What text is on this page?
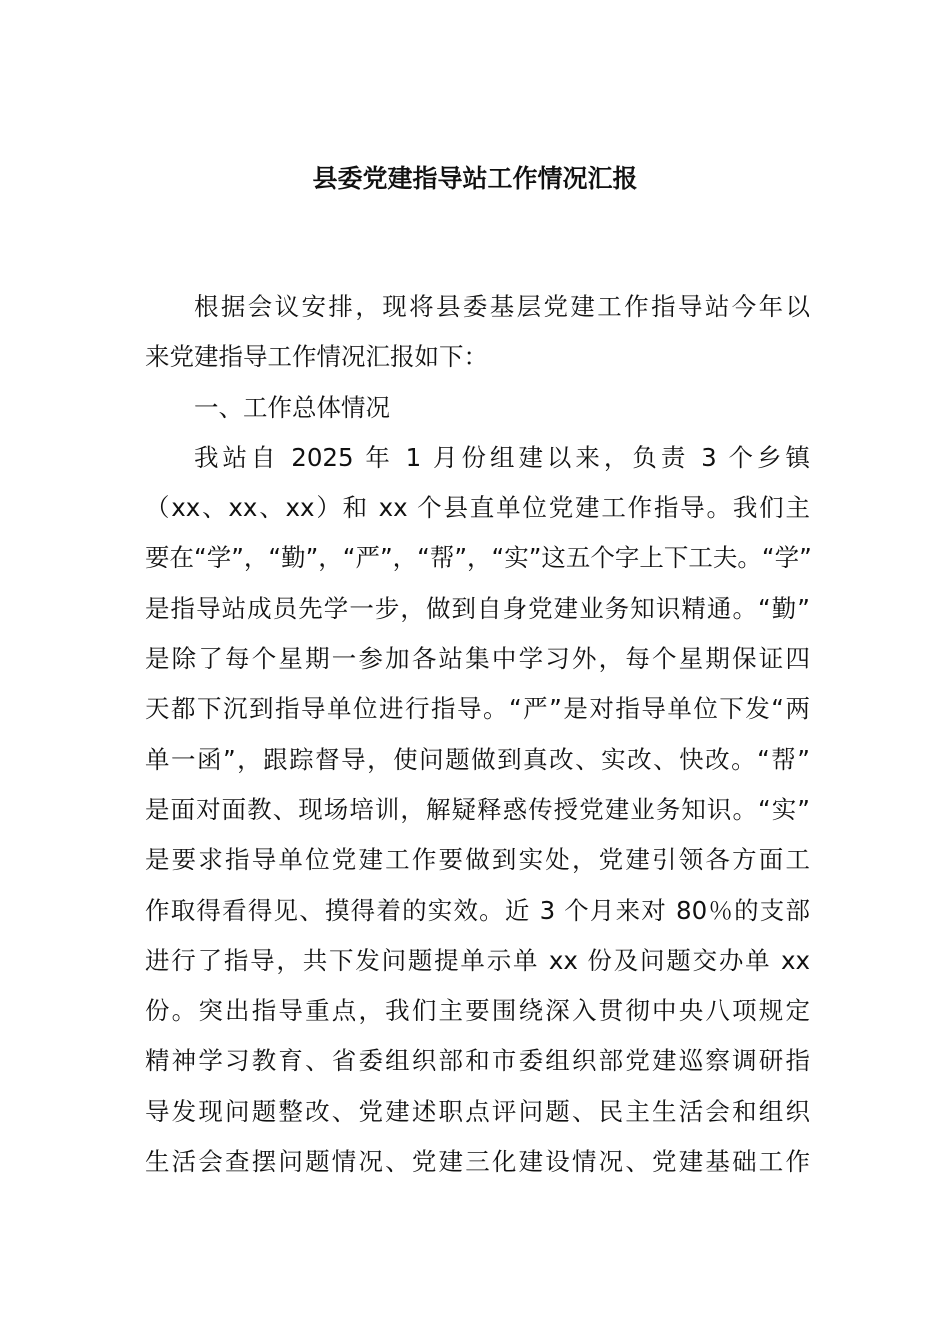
县委党建指导站工作情况汇报
根据会议安排，现将县委基层党建工作指导站今年以
来党建指导工作情况汇报如下：
一、工作总体情况
我站自 2025 年 1 月份组建以来，负责 3 个乡镇
（xx、xx、xx）和 xx 个县直单位党建工作指导。我们主
要在“学”，“勤”，“严”，“帮”，“实”这五个字上下工夫。“学”
是指导站成员先学一步，做到自身党建业务知识精通。“勤”
是除了每个星期一参加各站集中学习外，每个星期保证四
天都下沉到指导单位进行指导。“严”是对指导单位下发“两
单一函”，跟踪督导，使问题做到真改、实改、快改。“帮”
是面对面教、现场培训，解疑释惑传授党建业务知识。“实”
是要求指导单位党建工作要做到实处，党建引领各方面工
作取得看得见、摸得着的实效。近 3 个月来对 80％的支部
进行了指导，共下发问题提单示单 xx 份及问题交办单 xx
份。突出指导重点，我们主要围绕深入贯彻中央八项规定
精神学习教育、省委组织部和市委组织部党建巡察调研指
导发现问题整改、党建述职点评问题、民主生活会和组织
生活会查摆问题情况、党建三化建设情况、党建基础工作
